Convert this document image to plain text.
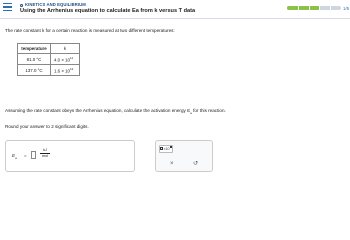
KINETICS AND EQUILIBRIUM
Using the Arrhenius equation to calculate Ea from k versus T data	1/5
The rate constant k for a certain reaction is measured at two different temperatures:
temperature	k
81.0 °C	$4.0 \times 10^{11}$
137.0 °C	$1.6 \times 10^{12}$
Assuming the rate constant obeys the Arrhenius equation, calculate the activation energy $E_a$ for this reaction.
Round your answer to 2 significant digits.
$E_a$ =
kJ
mol
×10
×	↺
